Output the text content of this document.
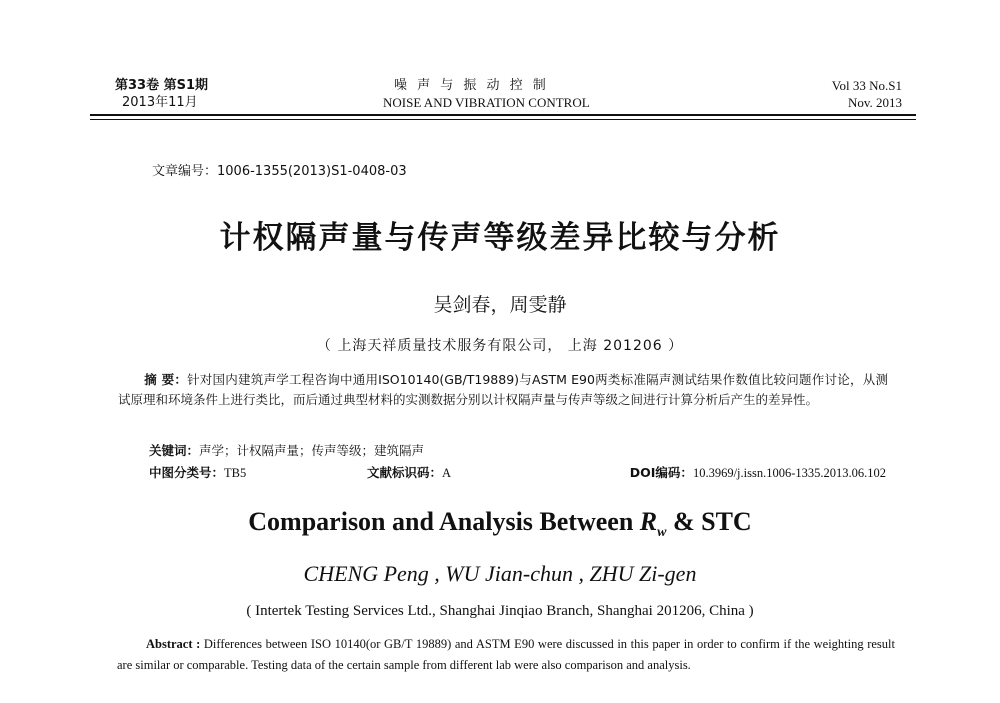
第33卷 第S1期
2013年11月
噪 声 与 振 动 控 制
NOISE AND VIBRATION CONTROL
Vol 33 No.S1
Nov. 2013
文章编号：1006-1355(2013)S1-0408-03
计权隔声量与传声等级差异比较与分析
吴剑春，周雯静
（ 上海天祥质量技术服务有限公司， 上海 201206 ）
摘 要：针对国内建筑声学工程咨询中通用ISO10140(GB/T19889)与ASTM E90两类标准隔声测试结果作数值比较问题作讨论，从测试原理和环境条件上进行类比，而后通过典型材料的实测数据分别以计权隔声量与传声等级之间进行计算分析后产生的差异性。
关键词：声学；计权隔声量；传声等级；建筑隔声
中图分类号：TB5	文献标识码：A	DOI编码：10.3969/j.issn.1006-1335.2013.06.102
Comparison and Analysis Between $R_w$ & STC
CHENG Peng , WU Jian-chun , ZHU Zi-gen
( Intertek Testing Services Ltd., Shanghai Jinqiao Branch, Shanghai 201206, China )
Abstract : Differences between ISO 10140(or GB/T 19889) and ASTM E90 were discussed in this paper in order to confirm if the weighting result are similar or comparable. Testing data of the certain sample from different lab were also comparison and analysis.
